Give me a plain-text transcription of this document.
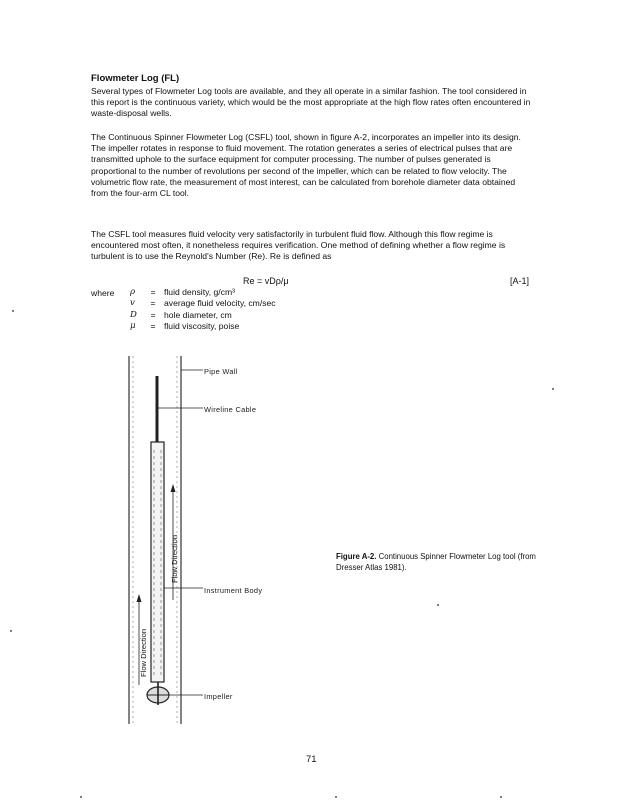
Flowmeter Log (FL)

Several types of Flowmeter Log tools are available, and they all operate in a similar fashion. The tool considered in this report is the continuous variety, which would be the most appropriate at the high flow rates often encountered in waste-disposal wells.

The Continuous Spinner Flowmeter Log (CSFL) tool, shown in figure A-2, incorporates an impeller into its design. The impeller rotates in response to fluid movement. The rotation generates a series of electrical pulses that are transmitted uphole to the surface equipment for computer processing. The number of pulses generated is proportional to the number of revolutions per second of the impeller, which can be related to flow velocity. The volumetric flow rate, the measurement of most interest, can be calculated from borehole diameter data obtained from the four-arm CL tool.

The CSFL tool measures fluid velocity very satisfactorily in turbulent fluid flow. Although this flow regime is encountered most often, it nonetheless requires verification. One method of defining whether a flow regime is turbulent is to use the Reynold's Number (Re). Re is defined as

Re = vDρ/μ	[A-1]
where ρ	= fluid density, g/cm³
v	= average fluid velocity, cm/sec
D	= hole diameter, cm
μ	= fluid viscosity, poise
Flow Direction
Flow Direction
Pipe Wall
Wireline Cable
Instrument Body
Impeller
Figure A-2. Continuous Spinner Flowmeter Log tool (from Dresser Atlas 1981).
71
